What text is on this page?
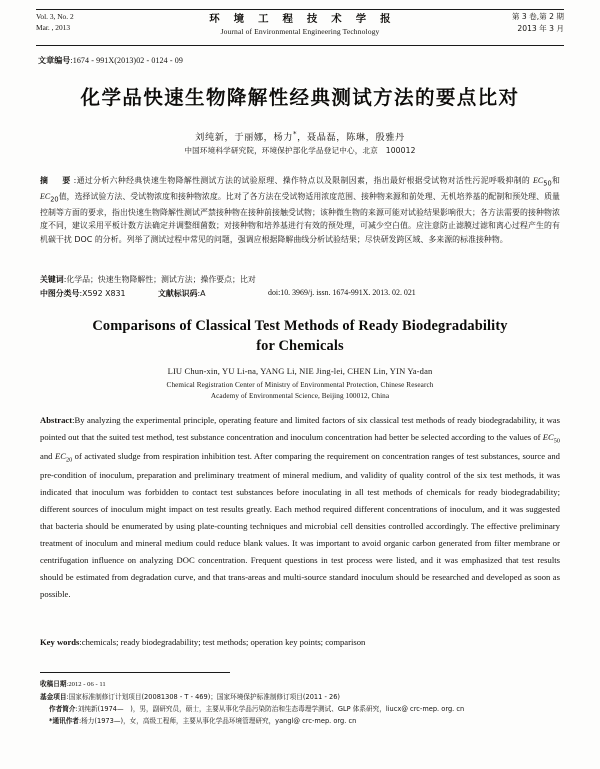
Vol. 3, No. 2
Mar. , 2013
环 境 工 程 技 术 学 报
Journal of Environmental Engineering Technology
第 3 卷,第 2 期
2013 年 3 月
文章编号:1674 - 991X(2013)02 - 0124 - 09
化学品快速生物降解性经典测试方法的要点比对
刘纯新，于丽娜，杨力*，聂晶磊，陈琳，殷雅丹
中国环境科学研究院，环境保护部化学品登记中心，北京　100012
摘　要:通过分析六种经典快速生物降解性测试方法的试验原理、操作特点以及限制因素，指出最好根据受试物对活性污泥呼吸抑制的 $EC_{50}$和 $EC_{20}$值，选择试验方法、受试物浓度和接种物浓度。比对了各方法在受试物适用浓度范围、接种物来源和前处理、无机培养基的配制和预处理、质量控制等方面的要求，指出快速生物降解性测试严禁接种物在接种前接触受试物；该种微生物的来源可能对试验结果影响很大；各方法需要的接种物浓度不同，建议采用平板计数方法确定并调整细菌数；对接种物和培养基进行有效的预处理，可减少空白值。应注意防止滤膜过滤和离心过程产生的有机碳干扰 DOC 的分析。列举了测试过程中常见的问题，强调应根据降解曲线分析试验结果；尽快研发跨区域、多来源的标准接种物。
关键词:化学品；快速生物降解性；测试方法；操作要点；比对
中图分类号:X592 X831	文献标识码:A	doi:10. 3969/j. issn. 1674-991X. 2013. 02. 021
Comparisons of Classical Test Methods of Ready Biodegradability
for Chemicals
LIU Chun-xin, YU Li-na, YANG Li, NIE Jing-lei, CHEN Lin, YIN Ya-dan
Chemical Registration Center of Ministry of Environmental Protection, Chinese Research
Academy of Environmental Science, Beijing 100012, China
Abstract:By analyzing the experimental principle, operating feature and limited factors of six classical test methods of ready biodegradability, it was pointed out that the suited test method, test substance concentration and inoculum concentration had better be selected according to the values of $EC_{50}$ and $EC_{20}$ of activated sludge from respiration inhibition test. After comparing the requirement on concentration ranges of test substances, source and pre-condition of inoculum, preparation and preliminary treatment of mineral medium, and validity of quality control of the six test methods, it was indicated that inoculum was forbidden to contact test substances before inoculating in all test methods of chemicals for ready biodegradability; different sources of inoculum might impact on test results greatly. Each method required different concentrations of inoculum, and it was suggested that bacteria should be enumerated by using plate-counting techniques and microbial cell densities controlled accordingly. The effective preliminary treatment of inoculum and mineral medium could reduce blank values. It was important to avoid organic carbon generated from filter membrane or centrifugation influence on analyzing DOC concentration. Frequent questions in test process were listed, and it was emphasized that test results should be estimated from degradation curve, and that trans-areas and multi-source standard inoculum should be researched and developed as soon as possible.
Key words:chemicals; ready biodegradability; test methods; operation key points; comparison
收稿日期:2012 - 06 - 11
基金项目:国家标准制修订计划项目(20081308 - T - 469)；国家环境保护标准制修订项目(2011 - 26)
作者简介:刘纯新(1974—　)，男，副研究员，硕士，主要从事化学品污染防治和生态毒理学测试、GLP 体系研究，liucx@ crc-mep. org. cn
*通讯作者:杨力(1973—)，女，高级工程师，主要从事化学品环境管理研究，yangl@ crc-mep. org. cn
